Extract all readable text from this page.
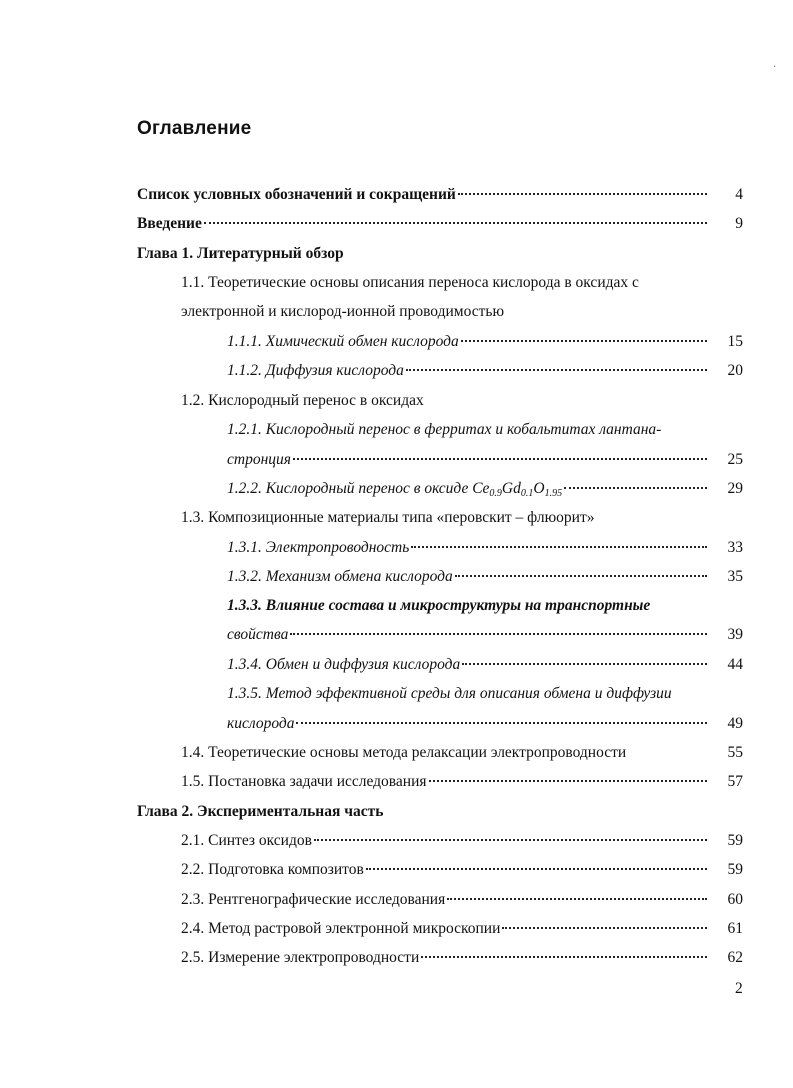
·
Оглавление
Список условных обозначений и сокращений	4
Введение	9
Глава 1. Литературный обзор
1.1. Теоретические основы описания переноса кислорода в оксидах с
электронной и кислород-ионной проводимостью
1.1.1. Химический обмен кислорода	15
1.1.2. Диффузия кислорода	20
1.2. Кислородный перенос в оксидах
1.2.1. Кислородный перенос в ферритах и кобальтитах лантана-
стронция	25
1.2.2. Кислородный перенос в оксиде $Ce_{0.9}Gd_{0.1}O_{1.95}$	29
1.3. Композиционные материалы типа «перовскит – флюорит»
1.3.1. Электропроводность	33
1.3.2. Механизм обмена кислорода	35
1.3.3. Влияние состава и микроструктуры на транспортные
свойства	39
1.3.4. Обмен и диффузия кислорода	44
1.3.5. Метод эффективной среды для описания обмена и диффузии
кислорода	49
1.4. Теоретические основы метода релаксации электропроводности	55
1.5. Постановка задачи исследования	57
Глава 2. Экспериментальная часть
2.1. Синтез оксидов	59
2.2. Подготовка композитов	59
2.3. Рентгенографические исследования	60
2.4. Метод растровой электронной микроскопии	61
2.5. Измерение электропроводности	62
2
